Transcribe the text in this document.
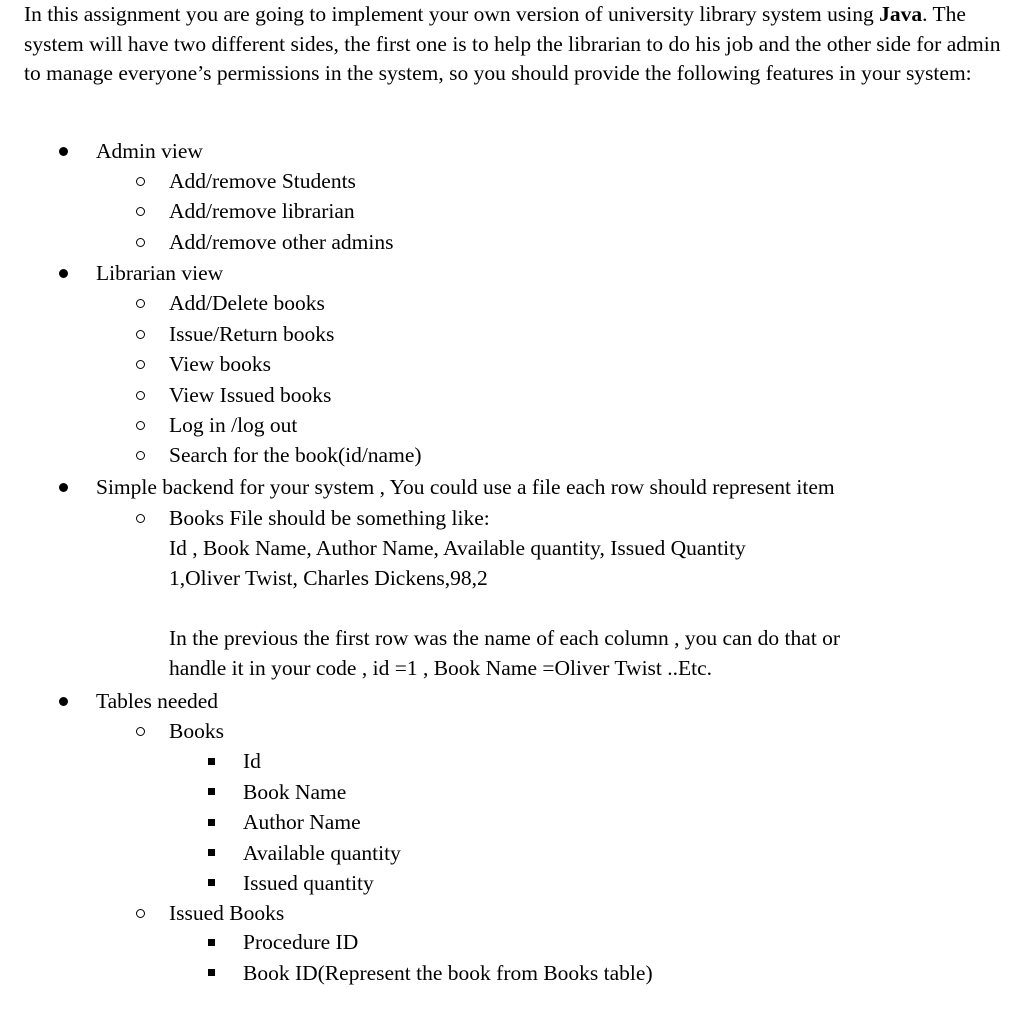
In this assignment you are going to implement your own version of university library system using Java. The system will have two different sides, the first one is to help the librarian to do his job and the other side for admin to manage everyone’s permissions in the system, so you should provide the following features in your system:
Admin view
Add/remove Students
Add/remove librarian
Add/remove other admins
Librarian view
Add/Delete books
Issue/Return books
View books
View Issued books
Log in /log out
Search for the book(id/name)
Simple backend for your system , You could use a file each row should represent item
Books File should be something like:
Id , Book Name, Author Name, Available quantity, Issued Quantity
1,Oliver Twist, Charles Dickens,98,2
In the previous the first row was the name of each column , you can do that or
handle it in your code , id =1 , Book Name =Oliver Twist ..Etc.
Tables needed
Books
Id
Book Name
Author Name
Available quantity
Issued quantity
Issued Books
Procedure ID
Book ID(Represent the book from Books table)
